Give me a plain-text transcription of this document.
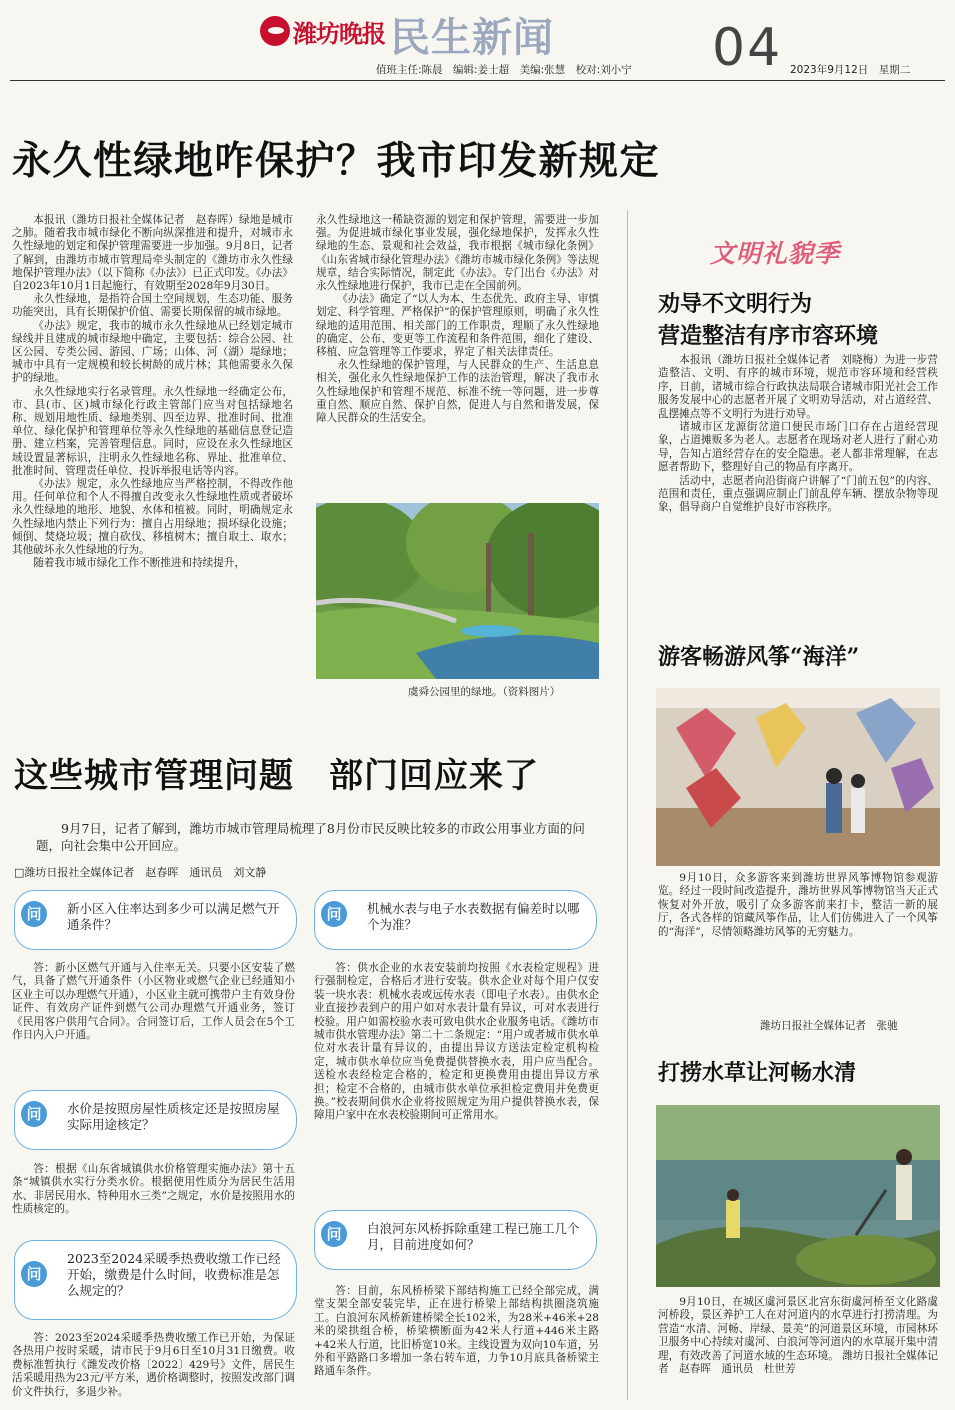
潍坊晚报 民生新闻	04
值班主任:陈晨　编辑:姜士超　美编:张慧　校对:刘小宁	2023年9月12日　星期二
永久性绿地咋保护？我市印发新规定

本报讯（潍坊日报社全媒体记者　赵春晖）绿地是城市之肺。随着我市城市绿化不断向纵深推进和提升，对城市永久性绿地的划定和保护管理需要进一步加强。9月8日，记者了解到，由潍坊市城市管理局牵头制定的《潍坊市永久性绿地保护管理办法》（以下简称《办法》）已正式印发。《办法》自2023年10月1日起施行，有效期至2028年9月30日。

永久性绿地，是指符合国土空间规划，生态功能、服务功能突出，具有长期保护价值、需要长期保留的城市绿地。

《办法》规定，我市的城市永久性绿地从已经划定城市绿线并且建成的城市绿地中确定，主要包括：综合公园、社区公园、专类公园、游园、广场；山体、河（湖）堤绿地；城市中具有一定规模和较长树龄的成片林；其他需要永久保护的绿地。

永久性绿地实行名录管理。永久性绿地一经确定公布，市、县(市、区)城市绿化行政主管部门应当对包括绿地名称、规划用地性质、绿地类别、四至边界、批准时间、批准单位、绿化保护和管理单位等永久性绿地的基础信息登记造册、建立档案，完善管理信息。同时，应设在永久性绿地区域设置显著标识，注明永久性绿地名称、界址、批准单位、批准时间、管理责任单位、投诉举报电话等内容。

《办法》规定，永久性绿地应当严格控制，不得改作他用。任何单位和个人不得擅自改变永久性绿地性质或者破坏永久性绿地的地形、地貌、水体和植被。同时，明确规定永久性绿地内禁止下列行为：擅自占用绿地；损坏绿化设施；倾倒、焚烧垃圾；擅自砍伐、移植树木；擅自取土、取水；其他破坏永久性绿地的行为。

随着我市城市绿化工作不断推进和持续提升，

永久性绿地这一稀缺资源的划定和保护管理，需要进一步加强。为促进城市绿化事业发展，强化绿地保护，发挥永久性绿地的生态、景观和社会效益，我市根据《城市绿化条例》《山东省城市绿化管理办法》《潍坊市城市绿化条例》等法规规章，结合实际情况，制定此《办法》。专门出台《办法》对永久性绿地进行保护，我市已走在全国前列。

《办法》确定了“以人为本、生态优先、政府主导、审慎划定、科学管理、严格保护”的保护管理原则，明确了永久性绿地的适用范围、相关部门的工作职责，理顺了永久性绿地的确定、公布、变更等工作流程和条件范围，细化了建设、移植、应急管理等工作要求，界定了相关法律责任。

永久性绿地的保护管理，与人民群众的生产、生活息息相关，强化永久性绿地保护工作的法治管理，解决了我市永久性绿地保护和管理不规范、标准不统一等问题，进一步尊重自然、顺应自然、保护自然，促进人与自然和谐发展，保障人民群众的生活安全。

虞舜公园里的绿地。（资料图片）
这些城市管理问题　部门回应来了
9月7日，记者了解到，潍坊市城市管理局梳理了8月份市民反映比较多的市政公用事业方面的问题，向社会集中公开回应。
□潍坊日报社全媒体记者　赵春晖　通讯员　刘文静
问	新小区入住率达到多少可以满足燃气开通条件？
答：新小区燃气开通与入住率无关。只要小区安装了燃气，具备了燃气开通条件（小区物业或燃气企业已经通知小区业主可以办理燃气开通），小区业主就可携带户主有效身份证件、有效房产证件到燃气公司办理燃气开通业务，签订《民用客户供用气合同》。合同签订后，工作人员会在5个工作日内入户开通。
问	水价是按照房屋性质核定还是按照房屋实际用途核定？
答：根据《山东省城镇供水价格管理实施办法》第十五条“城镇供水实行分类水价。根据使用性质分为居民生活用水、非居民用水、特种用水三类”之规定，水价是按照用水的性质核定的。
问
2023至2024采暖季热费收缴工作已经开始，缴费是什么时间，收费标准是怎么规定的？
答：2023至2024采暖季热费收缴工作已开始，为保证各热用户按时采暖，请市民于9月6日至10月31日缴费。收费标准暂执行《潍发改价格〔2022〕429号》文件，居民生活采暖用热为23元/平方米，遇价格调整时，按照发改部门调价文件执行，多退少补。
问	机械水表与电子水表数据有偏差时以哪个为准？
答：供水企业的水表安装前均按照《水表检定规程》进行强制检定，合格后才进行安装。供水企业对每个用户仅安装一块水表：机械水表或远传水表（即电子水表）。由供水企业直接抄表到户的用户如对水表计量有异议，可对水表进行校验。用户如需校验水表可致电供水企业服务电话。《潍坊市城市供水管理办法》第二十二条规定：“用户或者城市供水单位对水表计量有异议的，由提出异议方送法定检定机构检定，城市供水单位应当免费提供替换水表，用户应当配合。送检水表经检定合格的，检定和更换费用由提出异议方承担；检定不合格的，由城市供水单位承担检定费用并免费更换。”校表期间供水企业将按照规定为用户提供替换水表，保障用户家中在水表校验期间可正常用水。
问	白浪河东风桥拆除重建工程已施工几个月，目前进度如何？
答：目前，东风桥桥梁下部结构施工已经全部完成，满堂支架全部安装完毕，正在进行桥梁上部结构拱圈浇筑施工。白浪河东风桥新建桥梁全长102米，为28米+46米+28米的梁拱组合桥，桥梁横断面为42米人行道+446米主路+42米人行道，比旧桥宽10米。主线设置为双向10车道，另外和平路路口多增加一条右转车道，力争10月底具备桥梁主路通车条件。
文明礼貌季
劝导不文明行为
营造整洁有序市容环境

本报讯（潍坊日报社全媒体记者　刘晓梅）为进一步营造整洁、文明、有序的城市环境，规范市容环境和经营秩序，日前，诸城市综合行政执法局联合诸城市阳光社会工作服务发展中心的志愿者开展了文明劝导活动，对占道经营、乱摆摊点等不文明行为进行劝导。

诸城市区龙源街岔道口便民市场门口存在占道经营现象，占道摊贩多为老人。志愿者在现场对老人进行了耐心劝导，告知占道经营存在的安全隐患。老人都非常理解，在志愿者帮助下，整理好自己的物品有序离开。

活动中，志愿者向沿街商户讲解了“门前五包”的内容、范围和责任，重点强调应制止门前乱停车辆、摆放杂物等现象，倡导商户自觉维护良好市容秩序。

游客畅游风筝“海洋”
9月10日，众多游客来到潍坊世界风筝博物馆参观游览。经过一段时间改造提升，潍坊世界风筝博物馆当天正式恢复对外开放，吸引了众多游客前来打卡，整洁一新的展厅，各式各样的馆藏风筝作品，让人们仿佛进入了一个风筝的“海洋”，尽情领略潍坊风筝的无穷魅力。
潍坊日报社全媒体记者　张驰
打捞水草让河畅水清
9月10日，在城区虞河景区北宫东街虞河桥至文化路虞河桥段，景区养护工人在对河道内的水草进行打捞清理。为营造“水清、河畅、岸绿、景美”的河道景区环境，市园林环卫服务中心持续对虞河、白浪河等河道内的水草展开集中清理，有效改善了河道水域的生态环境。 潍坊日报社全媒体记者　赵春晖　通讯员　杜世芳
